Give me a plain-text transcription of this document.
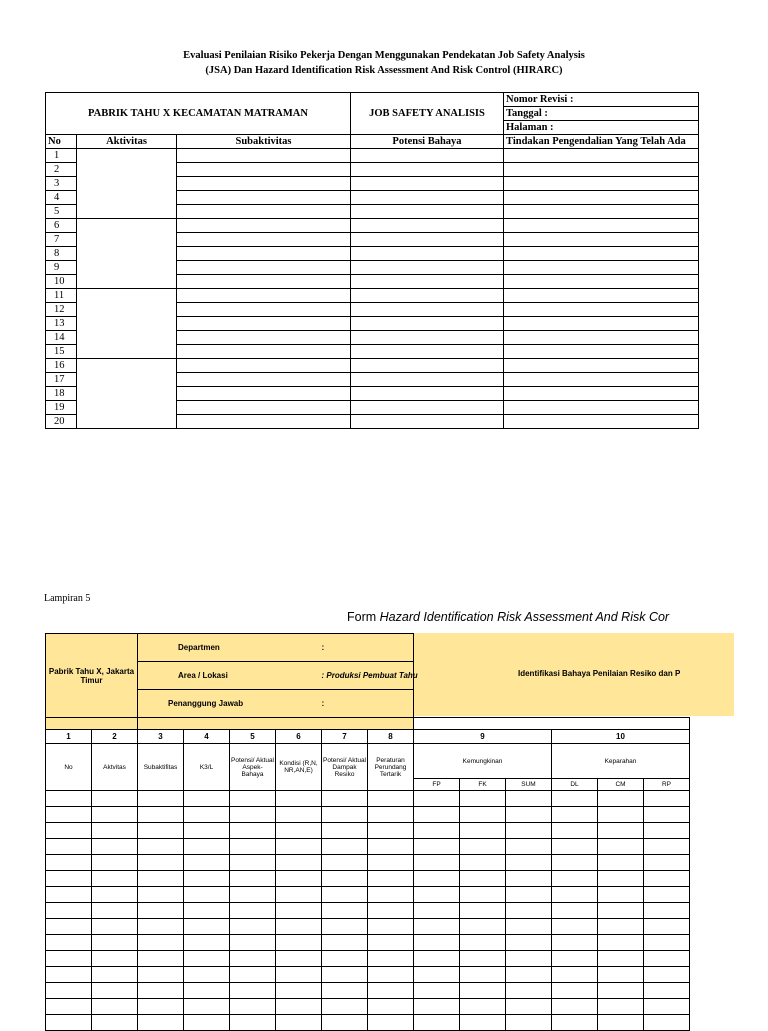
Evaluasi Penilaian Risiko Pekerja Dengan Menggunakan Pendekatan Job Safety Analysis
(JSA) Dan Hazard Identification Risk Assessment And Risk Control (HIRARC)
PABRIK TAHU X KECAMATAN MATRAMAN			JOB SAFETY ANALISIS	Nomor Revisi :
				Tanggal :
				Halaman :
No	Aktivitas	Subaktivitas	Potensi Bahaya	Tindakan Pengendalian Yang Telah Ada
1				
2				
3				
4				
5				
6				
7				
8				
9				
10				
11				
12				
13				
14				
15				
16				
17				
18				
19				
20				
Lampiran 5
Form Hazard Identification Risk Assessment And Risk Cor
Identifikasi Bahaya Penilaian Resiko dan P
Pabrik Tahu X, Jakarta Timur		Departmen :											

		Area / Lokasi : Produksi Pembuat Tahu											

		Penanggung Jawab :											

1	2	3	4	5	6	7	8	9			10		
No	Aktvitas	Subaktifitas	K3/L	Potensi/ Aktual Aspek- Bahaya	Kondisi (R,N, NR,AN,E)	Potensi/ Aktual Dampak Resiko	Peraturan Perundang Tertarik	Kemungkinan			Keparahan		
								FP	FK	SUM	DL	CM	RP
